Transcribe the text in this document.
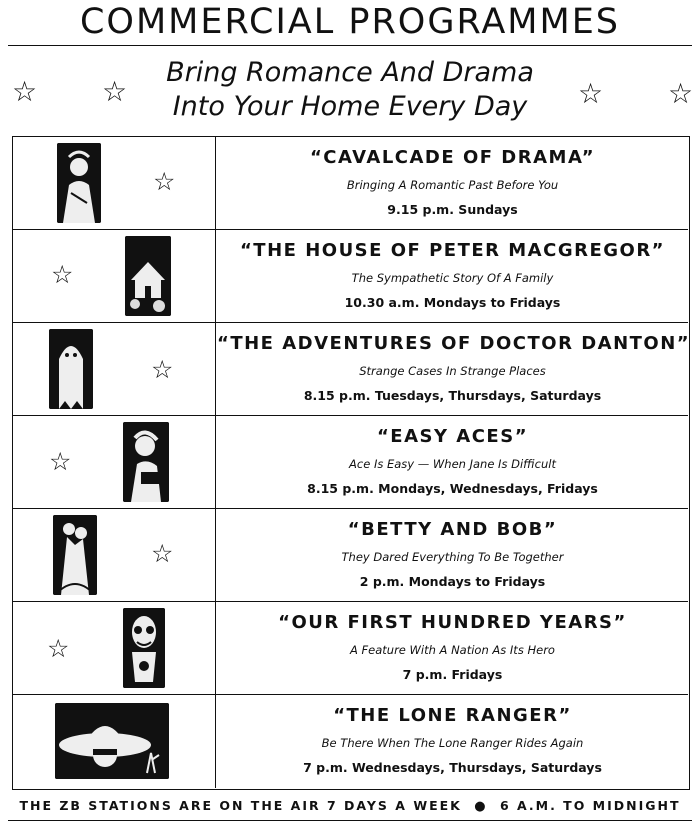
COMMERCIAL PROGRAMMES
☆ ☆
Bring Romance And Drama
Into Your Home Every Day	☆ ☆
☆
“CAVALCADE OF DRAMA”
Bringing A Romantic Past Before You
9.15 p.m. Sundays
☆
“THE HOUSE OF PETER MACGREGOR”
The Sympathetic Story Of A Family
10.30 a.m. Mondays to Fridays
☆
“THE ADVENTURES OF DOCTOR DANTON”
Strange Cases In Strange Places
8.15 p.m. Tuesdays, Thursdays, Saturdays
☆
“EASY ACES”
Ace Is Easy — When Jane Is Difficult
8.15 p.m. Mondays, Wednesdays, Fridays
☆
“BETTY AND BOB”
They Dared Everything To Be Together
2 p.m. Mondays to Fridays
☆
“OUR FIRST HUNDRED YEARS”
A Feature With A Nation As Its Hero
7 p.m. Fridays
“THE LONE RANGER”
Be There When The Lone Ranger Rides Again
7 p.m. Wednesdays, Thursdays, Saturdays
THE ZB STATIONS ARE ON THE AIR 7 DAYS A WEEK ● 6 A.M. TO MIDNIGHT
